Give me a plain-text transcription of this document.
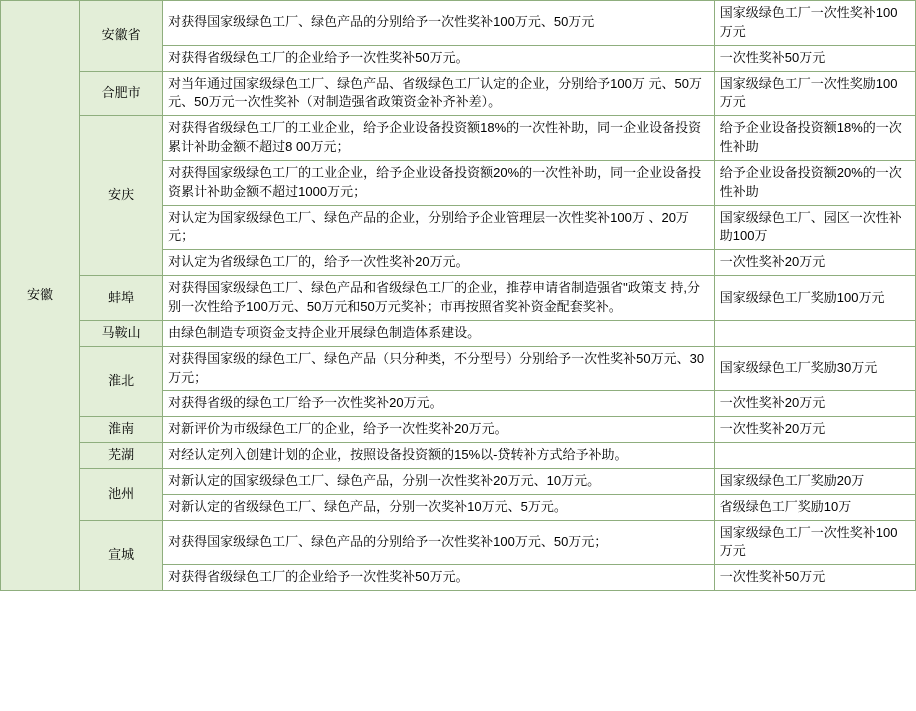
安徽	安徽省	对获得国家级绿色工厂、绿色产品的分别给予一次性奖补100万元、50万元	国家级绿色工厂一次性奖补100万元
		对获得省级绿色工厂的企业给予一次性奖补50万元。	一次性奖补50万元
	合肥市	对当年通过国家级绿色工厂、绿色产品、省级绿色工厂认定的企业，分别给予100万 元、50万元、50万元一次性奖补（对制造强省政策资金补齐补差）。	国家级绿色工厂一次性奖励100万元
	安庆	对获得省级绿色工厂的工业企业，给予企业设备投资额18%的一次性补助，同一企业设备投资累计补助金额不超过8 00万元；	给予企业设备投资额18%的一次性补助
		对获得国家级绿色工厂的工业企业，给予企业设备投资额20%的一次性补助，同一企业设备投资累计补助金额不超过1000万元；	给予企业设备投资额20%的一次性补助
		对认定为国家级绿色工厂、绿色产品的企业，分别给予企业管理层一次性奖补100万 、20万元；	国家级绿色工厂、园区一次性补助100万
		对认定为省级绿色工厂的，给予一次性奖补20万元。	一次性奖补20万元
	蚌埠	对获得国家级绿色工厂、绿色产品和省级绿色工厂的企业，推荐申请省制造强省"政策支 持,分别一次性给予100万元、50万元和50万元奖补；市再按照省奖补资金配套奖补。	国家级绿色工厂奖励100万元
	马鞍山	由绿色制造专项资金支持企业开展绿色制造体系建设。	
	淮北	对获得国家级的绿色工厂、绿色产品（只分种类，不分型号）分别给予一次性奖补50万元、30万元；	国家级绿色工厂奖励30万元
		对获得省级的绿色工厂给予一次性奖补20万元。	一次性奖补20万元
	淮南	对新评价为市级绿色工厂的企业，给予一次性奖补20万元。	一次性奖补20万元
	芜湖	对经认定列入创建计划的企业，按照设备投资额的15%以-贷转补方式给予补助。	
	池州	对新认定的国家级绿色工厂、绿色产品，分别一次性奖补20万元、10万元。	国家级绿色工厂奖励20万
		对新认定的省级绿色工厂、绿色产品，分别一次奖补10万元、5万元。	省级绿色工厂奖励10万
	宣城	对获得国家级绿色工厂、绿色产品的分别给予一次性奖补100万元、50万元；	国家级绿色工厂一次性奖补100万元
		对获得省级绿色工厂的企业给予一次性奖补50万元。	一次性奖补50万元
